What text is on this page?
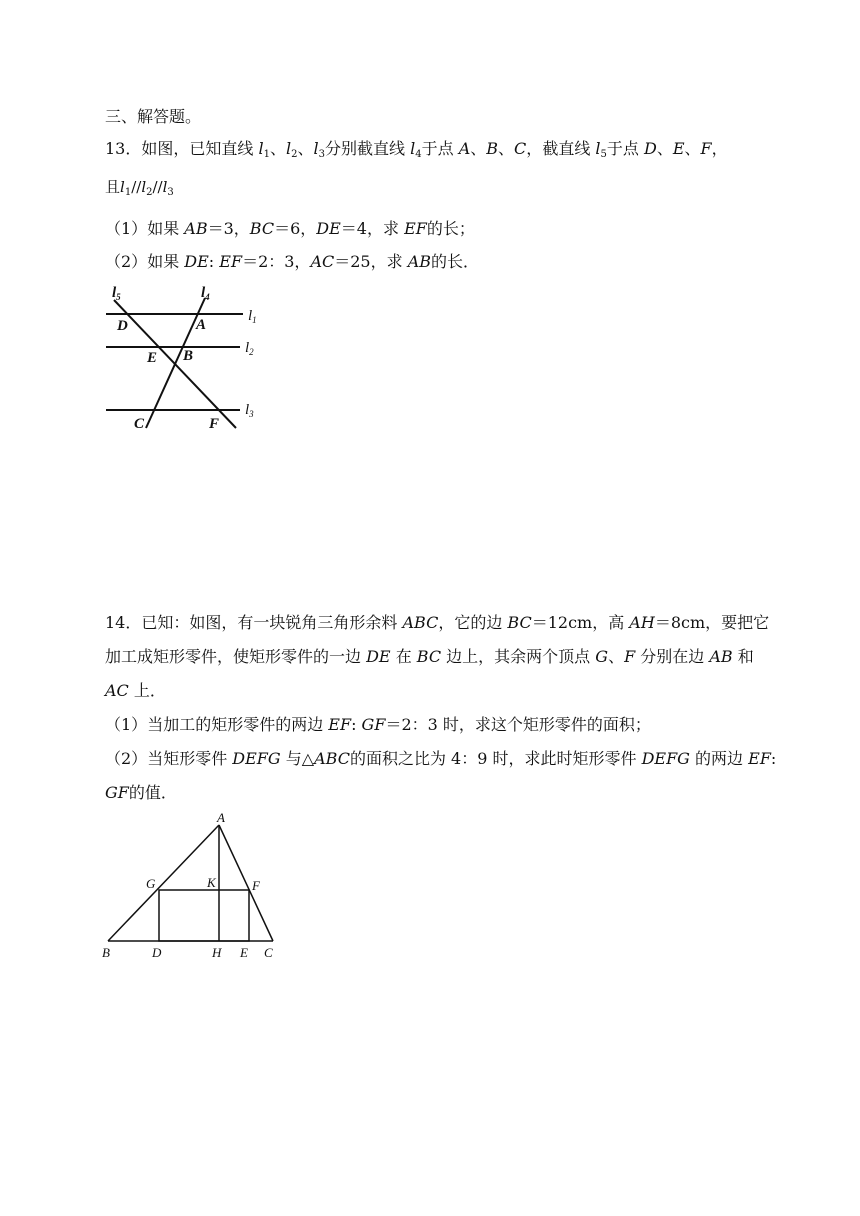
三、解答题。
13．如图，已知直线 $l_1$、$l_2$、$l_3$分别截直线 $l_4$于点 A、B、C，截直线 $l_5$于点 D、E、F，
且$l_1//l_2//l_3$
（1）如果 AB＝3，BC＝6，DE＝4，求 EF的长；
（2）如果 DE: EF＝2：3，AC＝25，求 AB的长．
$l_5$	$l_4$
$l_1$
$l_2$
$l_3$
D	A
E B
C	F
14．已知：如图，有一块锐角三角形余料 ABC，它的边 BC＝12cm，高 AH＝8cm，要把它
加工成矩形零件，使矩形零件的一边 DE 在 BC 边上，其余两个顶点 G、F 分别在边 AB 和
AC 上．
（1）当加工的矩形零件的两边 EF: GF＝2：3 时，求这个矩形零件的面积；
（2）当矩形零件 DEFG 与△ABC的面积之比为 4：9 时，求此时矩形零件 DEFG 的两边 EF:
GF的值．
A
G	K	F
B	D	H E C
